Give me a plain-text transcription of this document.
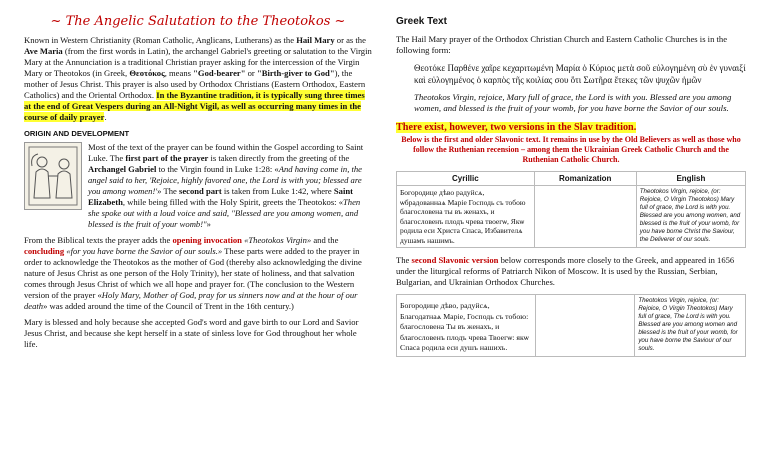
~ The Angelic Salutation to the Theotokos ~

Known in Western Christianity (Roman Catholic, Anglicans, Lutherans) as the Hail Mary or as the Ave Maria (from the first words in Latin), the archangel Gabriel's greeting or salutation to the Virgin Mary at the Annunciation is a traditional Christian prayer asking for the intercession of the Virgin Mary or Theotokos (in Greek, Θεοτόκος, means "God-bearer" or "Birth-giver to God"), the mother of Jesus Christ. This prayer is also used by Orthodox Christians (Eastern Orthodox, Eastern Catholics) and the Oriental Orthodox. In the Byzantine tradition, it is typically sung three times at the end of Great Vespers during an All-Night Vigil, as well as occurring many times in the course of daily prayer.

ORIGIN AND DEVELOPMENT

Most of the text of the prayer can be found within the Gospel according to Saint Luke. The first part of the prayer is taken directly from the greeting of the Archangel Gabriel to the Virgin found in Luke 1:28: «And having come in, the angel said to her, 'Rejoice, highly favored one, the Lord is with you; blessed are you among women!'» The second part is taken from Luke 1:42, where Saint Elizabeth, while being filled with the Holy Spirit, greets the Theotokos: «Then she spoke out with a loud voice and said, "Blessed are you among women, and blessed is the fruit of your womb!"»

From the Biblical texts the prayer adds the opening invocation «Theotokos Virgin» and the concluding «for you have borne the Savior of our souls.» These parts were added to the prayer in order to acknowledge the Theotokos as the mother of God (thereby also acknowledging the divine nature of Jesus Christ as one person of the Holy Trinity), her state of holiness, and that salvation comes through Jesus Christ of which we all hope and prayer for. (The conclusion to the Western version of the prayer «Holy Mary, Mother of God, pray for us sinners now and at the hour of our death» was added around the time of the Council of Trent in the 16th century.)

Mary is blessed and holy because she accepted God's word and gave birth to our Lord and Savior Jesus Christ, and because she kept herself in a state of sinless love for God throughout her whole life.

Greek Text

The Hail Mary prayer of the Orthodox Christian Church and Eastern Catholic Churches is in the following form:

Θεοτόκε Παρθένε χαῖρε κεχαριτωμένη Μαρία ὁ Κύριος μετὰ σοῦ εὐλογημένη σὺ ἐν γυναιξί καὶ εὐλογημένος ὁ καρπὸς τῆς κοιλίας σου ὅτι Σωτῆρα ἔτεκες τῶν ψυχῶν ἡμῶν
Theotokos Virgin, rejoice, Mary full of grace, the Lord is with you. Blessed are you among women, and blessed is the fruit of your womb, for you have borne the Savior of our souls.
There exist, however, two versions in the Slav tradition.
Below is the first and older Slavonic text. It remains in use by the Old Believers as well as those who follow the Ruthenian recension – among them the Ukrainian Greek Catholic Church and the Ruthenian Catholic Church.
Cyrillic	Romanization	English
Богородице дѣво радуйсѧ, ѡбрадованнаѧ Маріе Господь съ тобою благословена ты въ женахъ, и благословенъ плодъ чрева твоегѡ, Якѡ родила еси Христа Спаса, Избавителѧ душамъ нашимъ.		Theotokos Virgin, rejoice, (or: Rejoice, O Virgin Theotokos) Mary full of grace, the Lord is with you. Blessed are you among women, and blessed is the fruit of your womb, for you have borne Christ the Saviour, the Deliverer of our souls.

The second Slavonic version below corresponds more closely to the Greek, and appeared in 1656 under the liturgical reforms of Patriarch Nikon of Moscow. It is used by the Russian, Serbian, Bulgarian, and Ukrainian Orthodox Churches.

Богородице дѣво, радуйсѧ, Благодатнаѧ Маріе, Господь съ тобою: благословена Ты въ женахъ, и благословенъ плодъ чрева Твоегѡ: якѡ Спаса родила еси душъ нашихъ.		Theotokos Virgin, rejoice, (or: Rejoice, O Virgin Theotokos) Mary full of grace, The Lord is with you. Blessed are you among women and blessed is the fruit of your womb, for you have borne the Saviour of our souls.
